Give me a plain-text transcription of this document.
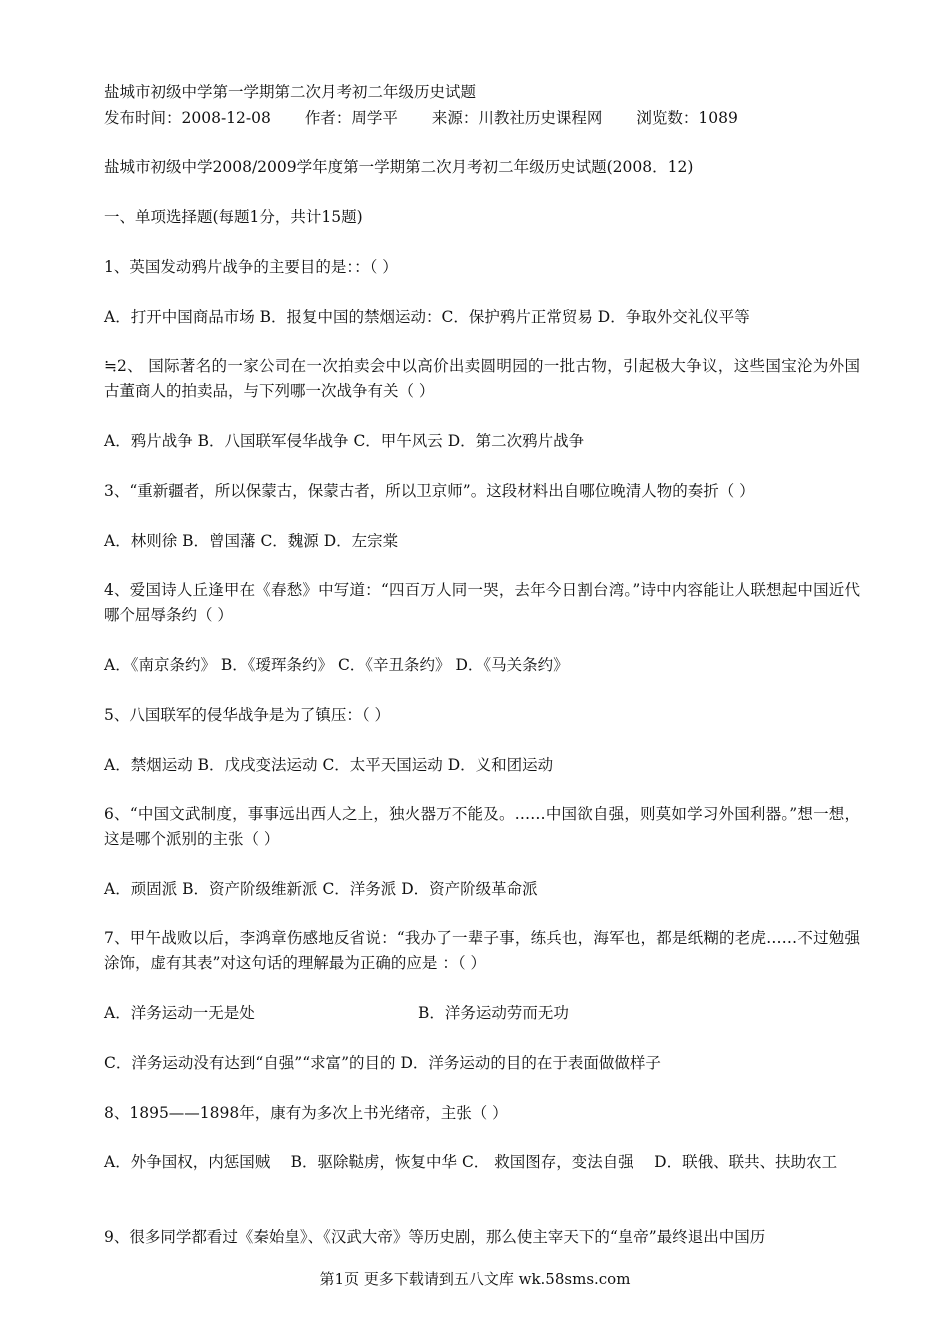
盐城市初级中学第一学期第二次月考初二年级历史试题
发布时间：2008-12-08 作者：周学平 来源：川教社历史课程网 浏览数：1089
盐城市初级中学2008/2009学年度第一学期第二次月考初二年级历史试题(2008．12)
一、单项选择题(每题1分，共计15题)
1、英国发动鸦片战争的主要目的是：：（ ）
A．打开中国商品市场 B．报复中国的禁烟运动：C．保护鸦片正常贸易 D．争取外交礼仪平等
≒2、 国际著名的一家公司在一次拍卖会中以高价出卖圆明园的一批古物，引起极大争议，这些国宝沦为外国古董商人的拍卖品，与下列哪一次战争有关（ ）
A．鸦片战争 B．八国联军侵华战争 C．甲午风云 D．第二次鸦片战争
3、“重新疆者，所以保蒙古，保蒙古者，所以卫京师”。这段材料出自哪位晚清人物的奏折（ ）
A．林则徐 B．曾国藩 C．魏源 D．左宗棠
4、爱国诗人丘逢甲在《春愁》中写道：“四百万人同一哭，去年今日割台湾。”诗中内容能让人联想起中国近代哪个屈辱条约（ ）
A．《南京条约》 B．《瑷珲条约》 C．《辛丑条约》 D．《马关条约》
5、八国联军的侵华战争是为了镇压：（ ）
A．禁烟运动 B．戊戌变法运动 C．太平天国运动 D．义和团运动
6、“中国文武制度，事事远出西人之上，独火器万不能及。……中国欲自强，则莫如学习外国利器。”想一想，这是哪个派别的主张（ ）
A．顽固派 B．资产阶级维新派 C．洋务派 D．资产阶级革命派
7、甲午战败以后，李鸿章伤感地反省说：“我办了一辈子事，练兵也，海军也，都是纸糊的老虎……不过勉强涂饰，虚有其表”对这句话的理解最为正确的应是 ：（ ）
A．洋务运动一无是处	B．洋务运动劳而无功
C．洋务运动没有达到“自强”“求富”的目的 D．洋务运动的目的在于表面做做样子
8、1895——1898年，康有为多次上书光绪帝，主张（ ）
A．外争国权，内惩国贼　 B．驱除鞑虏，恢复中华 C． 救国图存，变法自强　 D．联俄、联共、扶助农工
9、很多同学都看过《秦始皇》、《汉武大帝》等历史剧，那么使主宰天下的“皇帝”最终退出中国历
第1页 更多下载请到五八文库 wk.58sms.com
